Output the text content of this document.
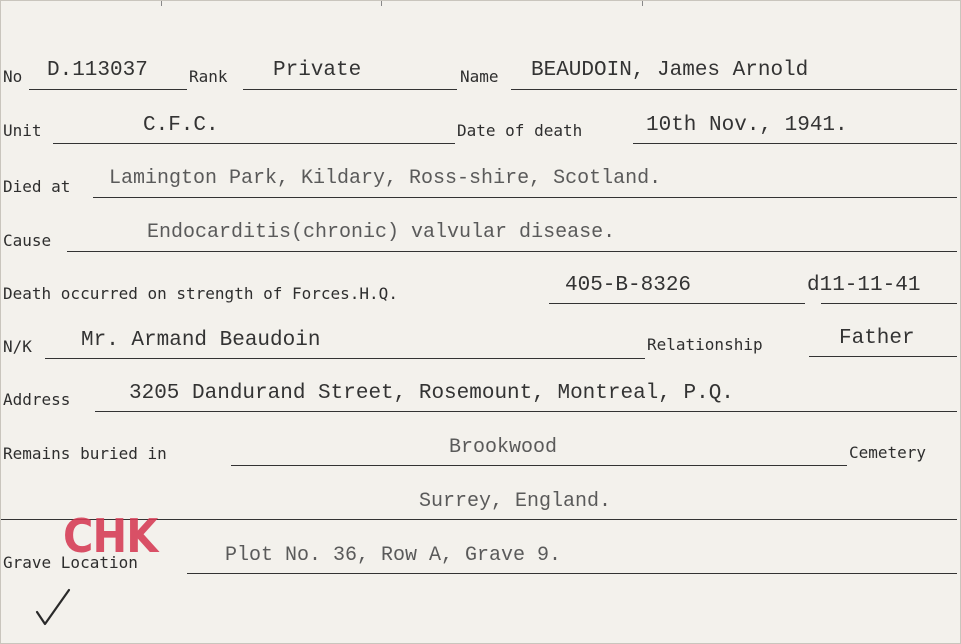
No D.113037	Rank Private	Name BEAUDOIN, James Arnold
Unit	C.F.C.	Date of death	10th Nov., 1941.
Died at Lamington Park, Kildary, Ross-shire, Scotland.
Cause	Endocarditis(chronic) valvular disease.
Death occurred on strength of Forces.H.Q.	405-B-8326	d11-11-41
N/K Mr. Armand Beaudoin	Relationship	Father
Address	3205 Dandurand Street, Rosemount, Montreal, P.Q.
Remains buried in	Brookwood	Cemetery
Surrey, England.
Grave Location	Plot No. 36, Row A, Grave 9.
CHK
